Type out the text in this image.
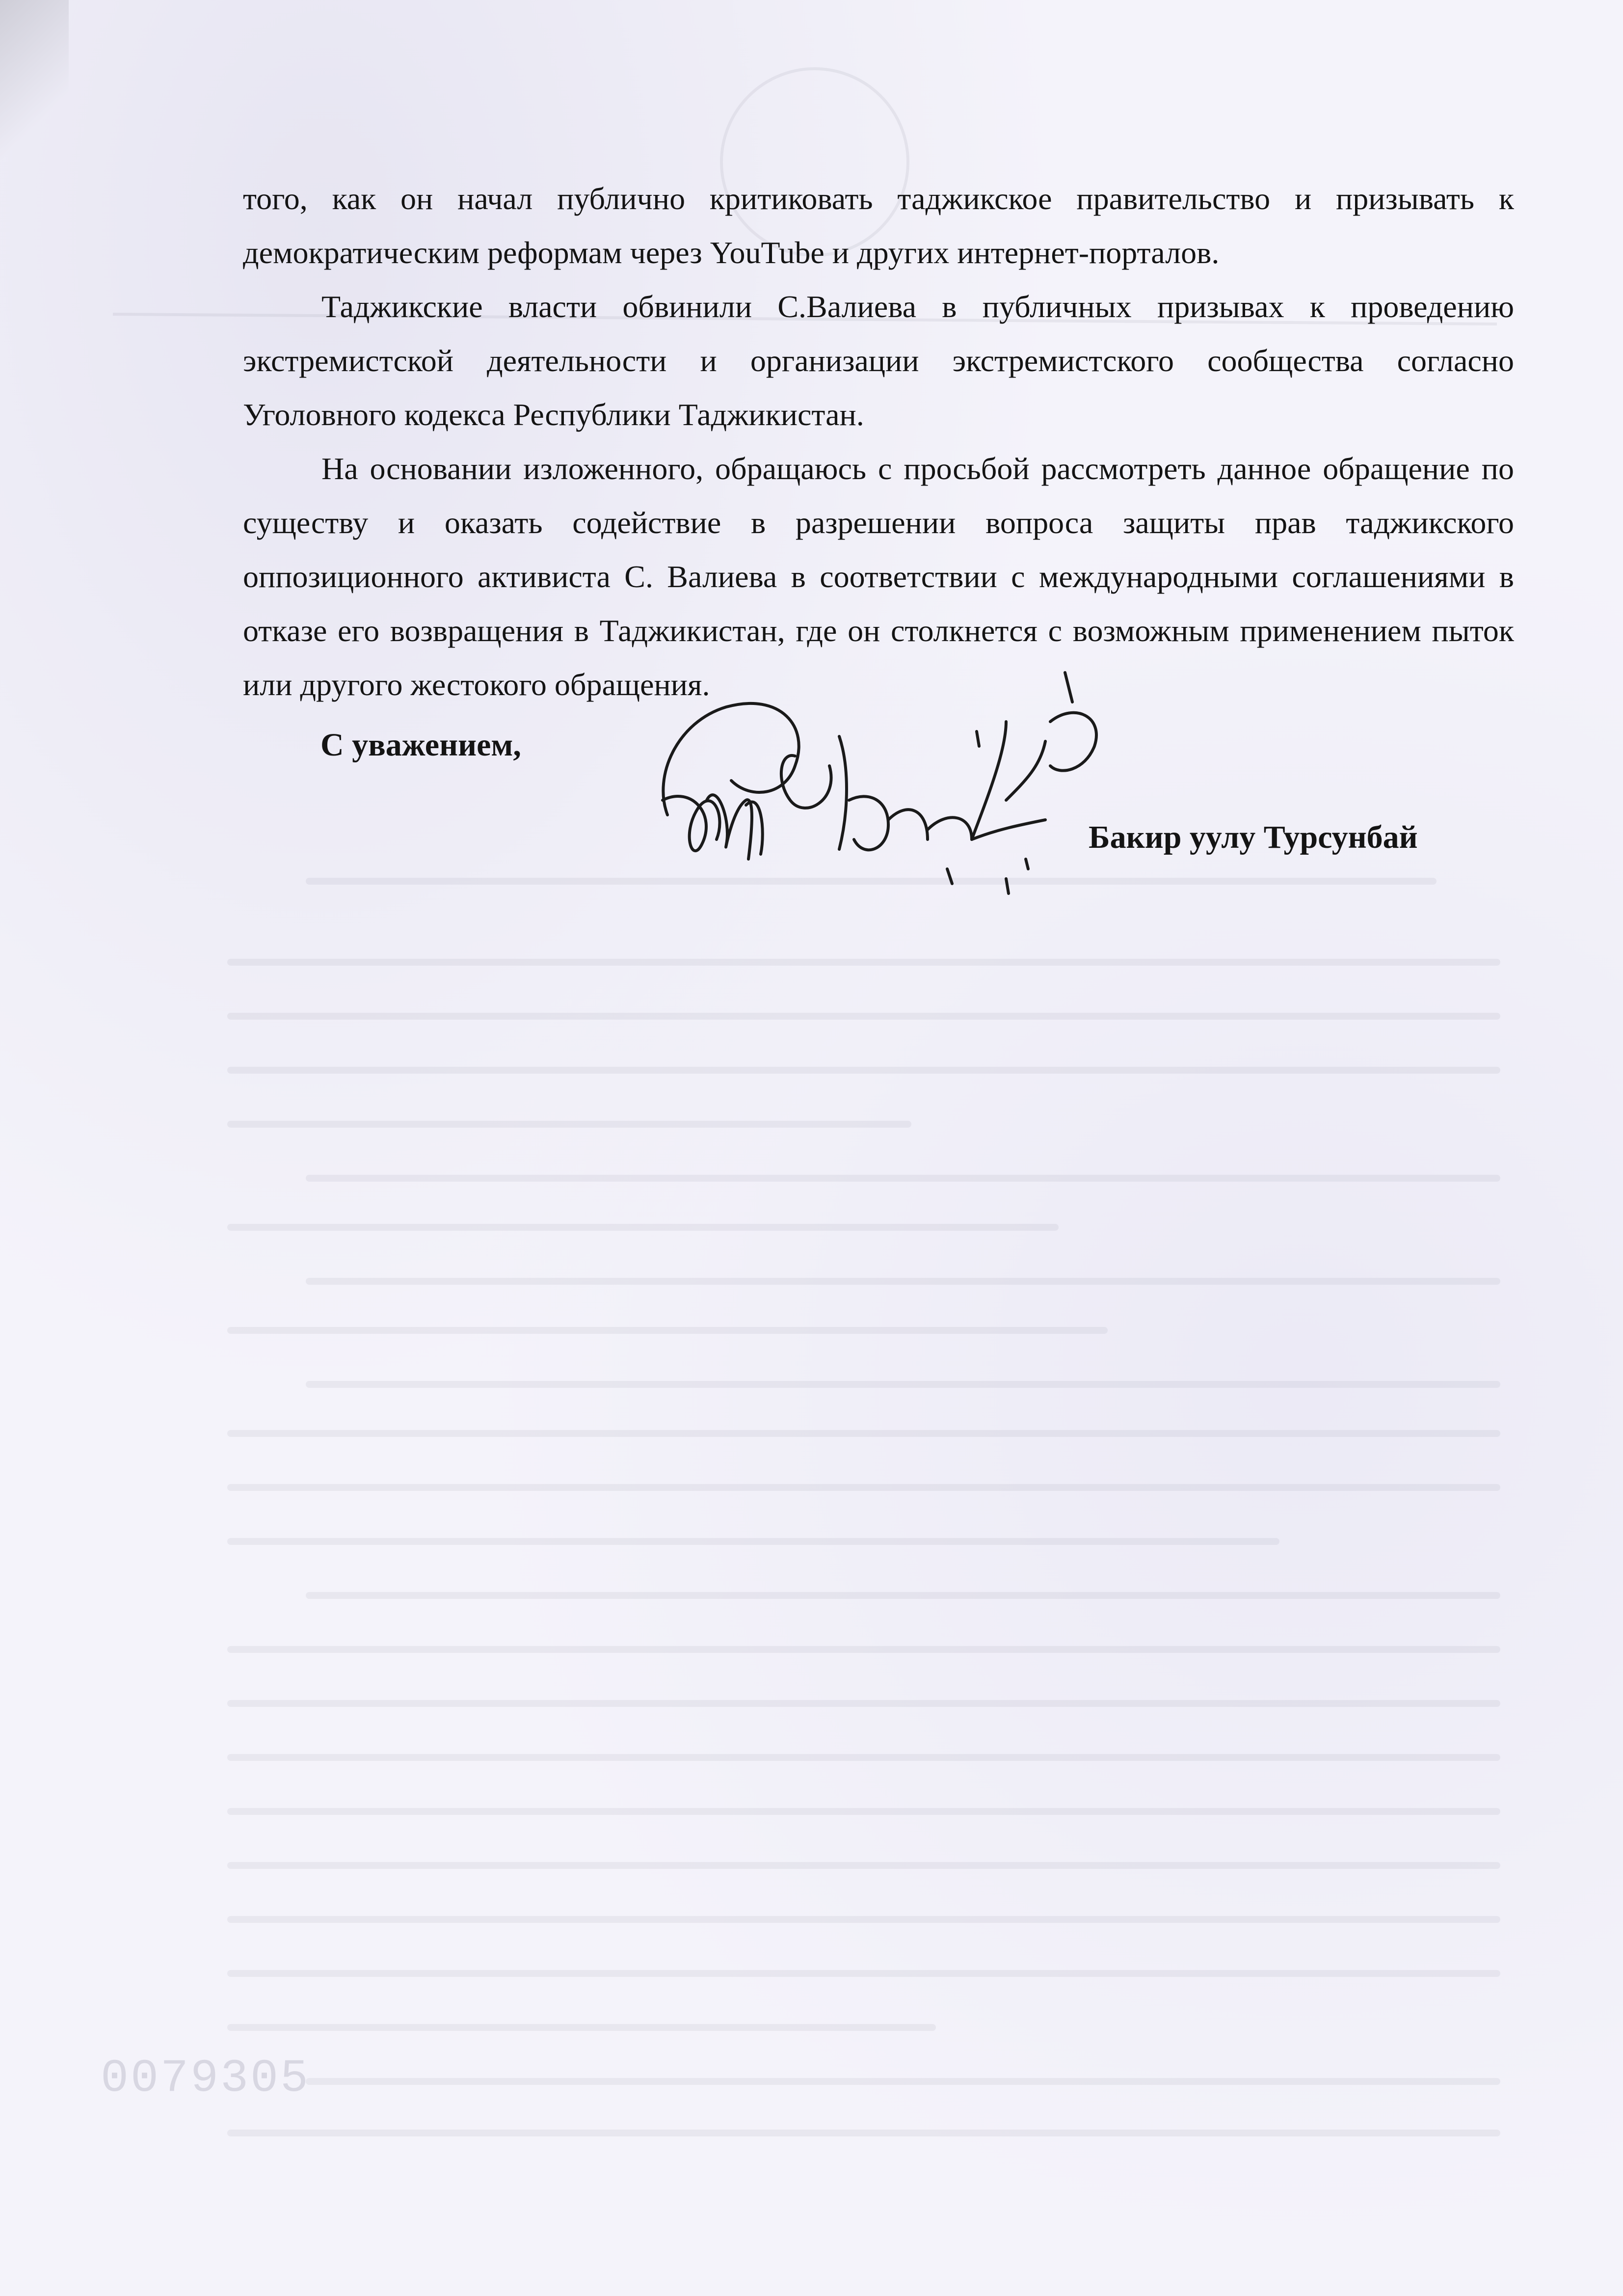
того, как он начал публично критиковать таджикское правительство и призывать к демократическим реформам через YouTube и других интернет-порталов.

Таджикские власти обвинили С.Валиева в публичных призывах к проведению экстремистской деятельности и организации экстремистского сообщества согласно Уголовного кодекса Республики Таджикистан.

На основании изложенного, обращаюсь с просьбой рассмотреть данное обращение по существу и оказать содействие в разрешении вопроса защиты прав таджикского оппозиционного активиста С. Валиева в соответствии с международными соглашениями в отказе его возвращения в Таджикистан, где он столкнется с возможным применением пыток или другого жестокого обращения.

С уважением,
Бакир уулу Турсунбай
0079305
